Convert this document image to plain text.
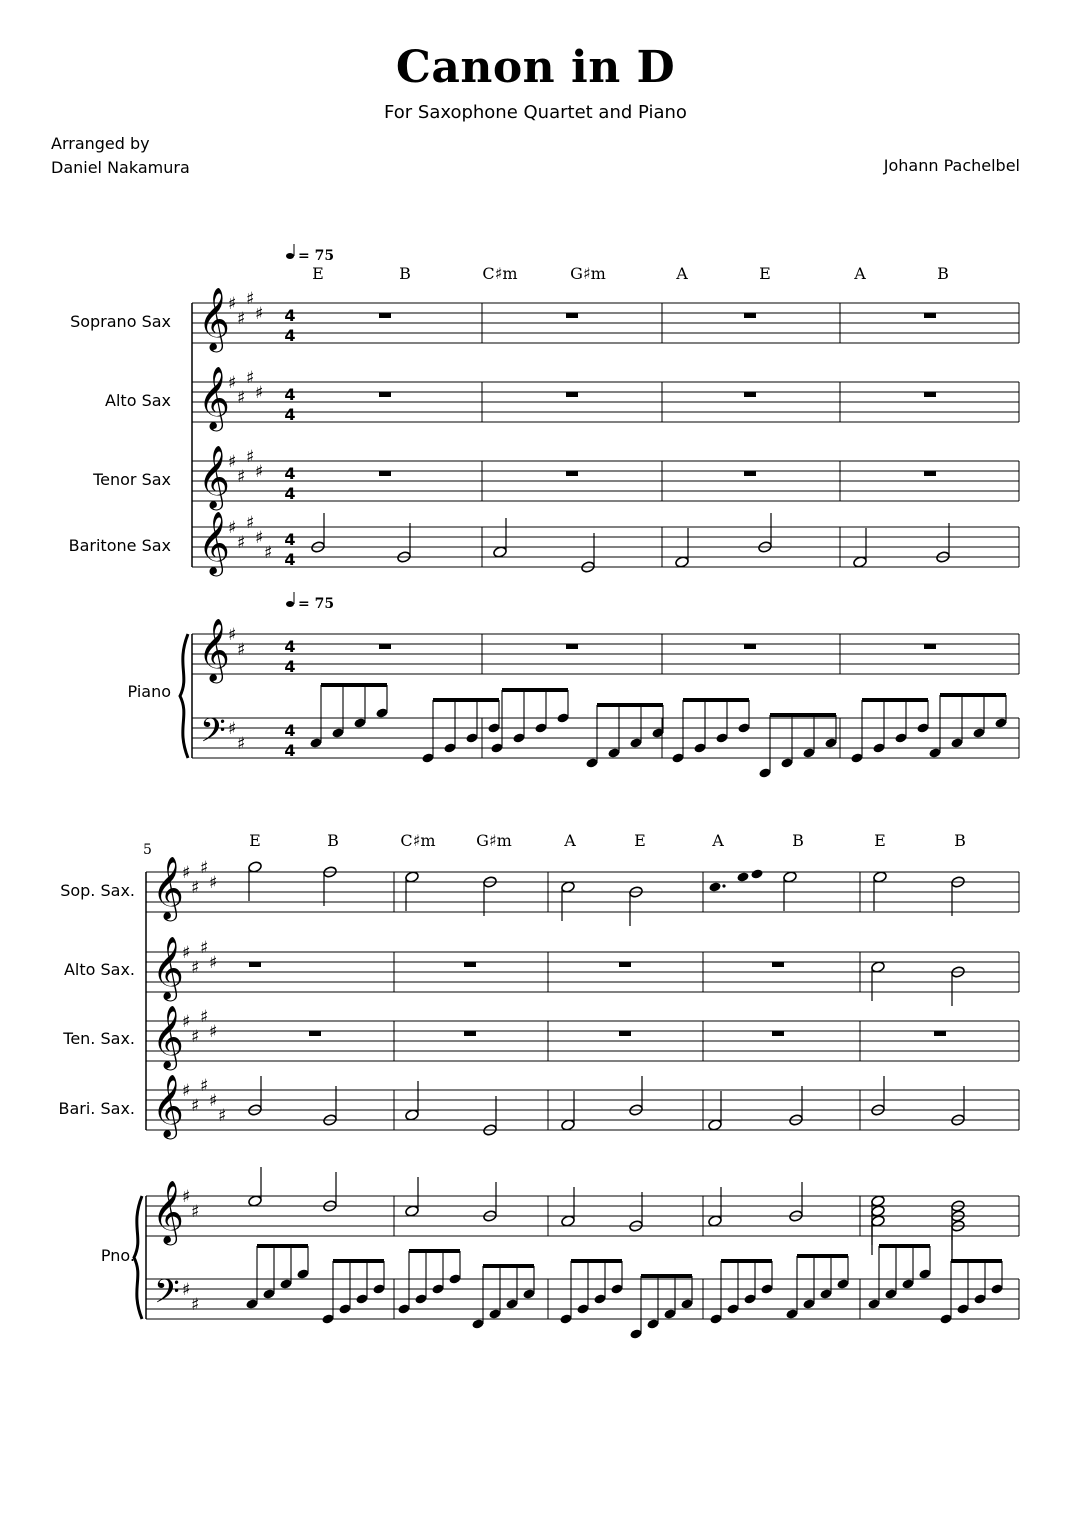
Canon in D
For Saxophone Quartet and Piano
Arranged by
Daniel Nakamura	Johann Pachelbel
Soprano Sax
Alto Sax
Tenor Sax
Baritone Sax
Piano
= 75
= 75
E	B	C♯m	G♯m	A	E	A	B
𝄞
♯
♯
♯
♯ 4
4
𝄞
♯
♯
♯
♯ 4
4
𝄞
♯
♯
♯
♯ 4
4
𝄞
♯
♯
♯
♯
♯
4
4
𝄞
♯
♯ 4
4
𝄢 ♯
♯
4
4
5
Sop. Sax.
Alto Sax.
Ten. Sax.
Bari. Sax.
Pno.
E	B	C♯m	G♯m	A	E	A	B	E	B
𝄞
♯
♯
♯
♯
𝄞
♯
♯
♯
♯
𝄞
♯
♯
♯
♯
𝄞
♯
♯
♯
♯
♯
𝄞
♯
♯
𝄢 ♯
♯
